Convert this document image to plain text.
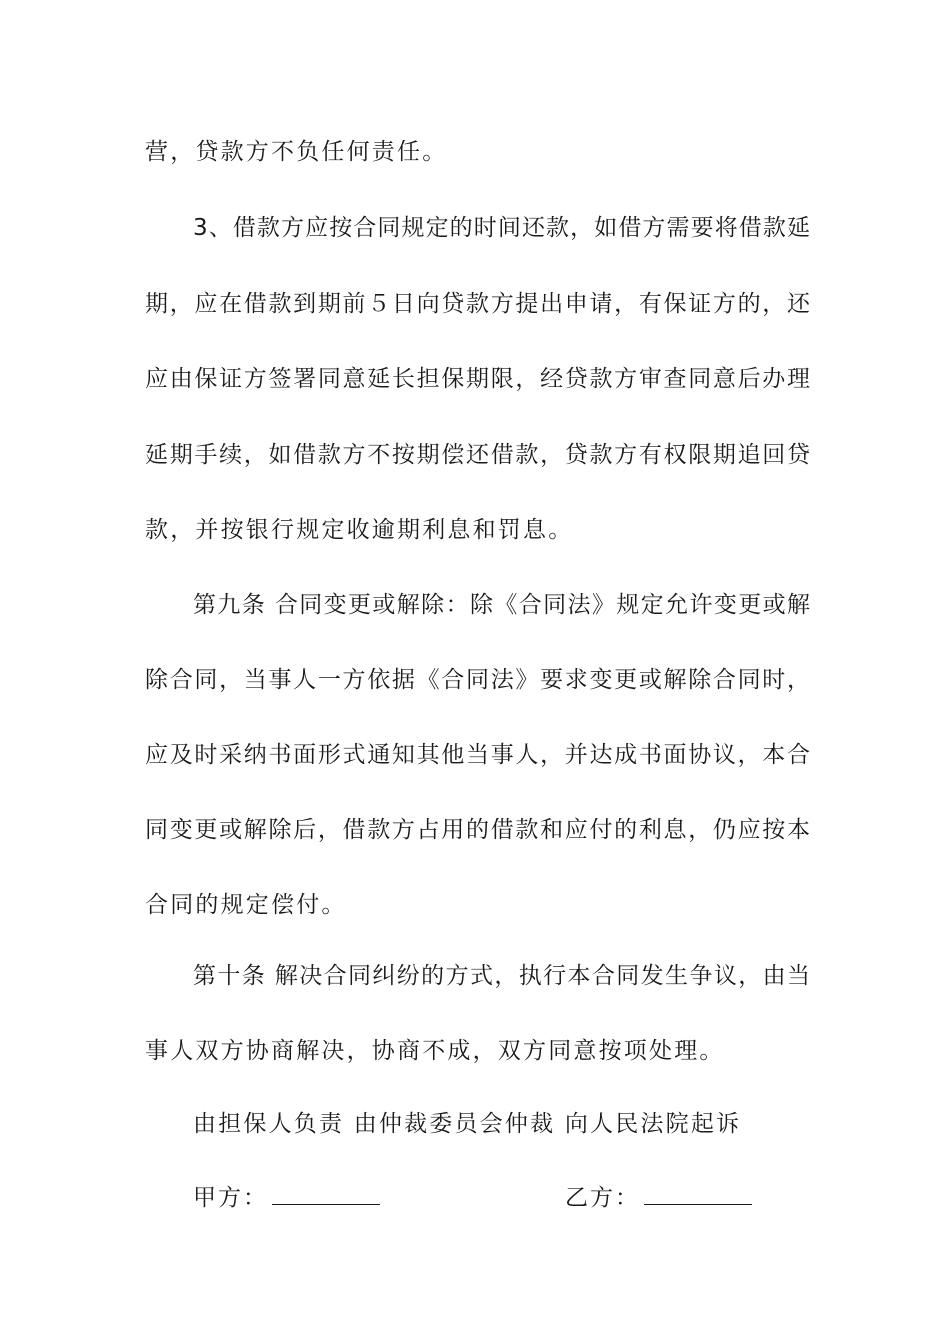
营，贷款方不负任何责任。
3、借款方应按合同规定的时间还款，如借方需要将借款延
期，应在借款到期前５日向贷款方提出申请，有保证方的，还
应由保证方签署同意延长担保期限，经贷款方审查同意后办理
延期手续，如借款方不按期偿还借款，贷款方有权限期追回贷
款，并按银行规定收逾期利息和罚息。
第九条 合同变更或解除：除《合同法》规定允许变更或解
除合同，当事人一方依据《合同法》要求变更或解除合同时，
应及时采纳书面形式通知其他当事人，并达成书面协议，本合
同变更或解除后，借款方占用的借款和应付的利息，仍应按本
合同的规定偿付。
第十条 解决合同纠纷的方式，执行本合同发生争议，由当
事人双方协商解决，协商不成，双方同意按项处理。
由担保人负责 由仲裁委员会仲裁 向人民法院起诉
甲方：	乙方：
